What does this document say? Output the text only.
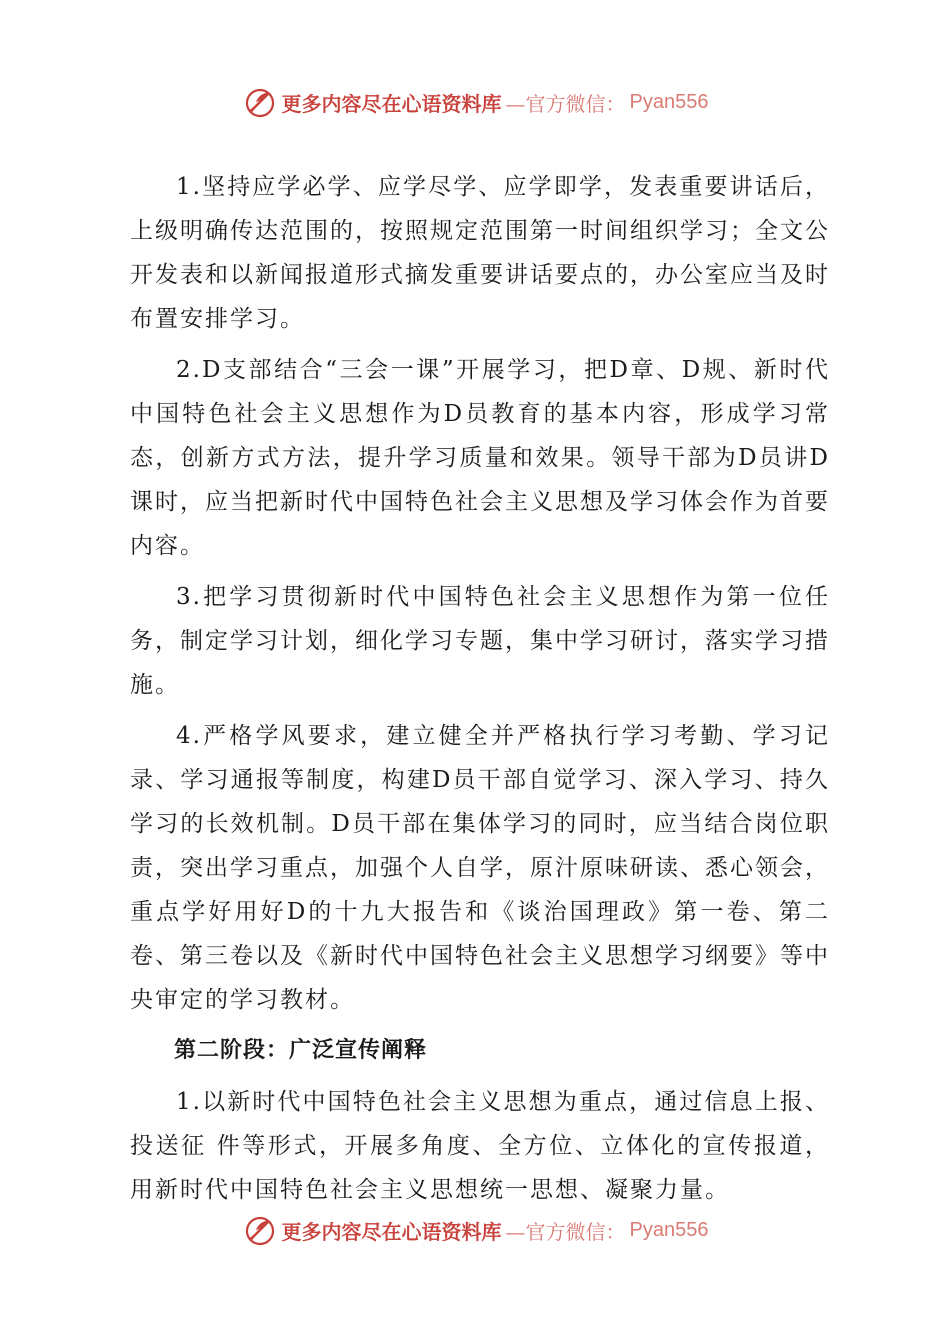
更多内容尽在心语资料库 —官方微信： Pyan556

1.坚持应学必学、应学尽学、应学即学，发表重要讲话后，上级明确传达范围的，按照规定范围第一时间组织学习；全文公开发表和以新闻报道形式摘发重要讲话要点的，办公室应当及时布置安排学习。

2.D支部结合“三会一课”开展学习，把D章、D规、新时代中国特色社会主义思想作为D员教育的基本内容，形成学习常态，创新方式方法，提升学习质量和效果。领导干部为D员讲D课时，应当把新时代中国特色社会主义思想及学习体会作为首要内容。

3.把学习贯彻新时代中国特色社会主义思想作为第一位任务，制定学习计划，细化学习专题，集中学习研讨，落实学习措施。

4.严格学风要求，建立健全并严格执行学习考勤、学习记录、学习通报等制度，构建D员干部自觉学习、深入学习、持久学习的长效机制。D员干部在集体学习的同时，应当结合岗位职责，突出学习重点，加强个人自学，原汁原味研读、悉心领会，重点学好用好D的十九大报告和《谈治国理政》第一卷、第二卷、第三卷以及《新时代中国特色社会主义思想学习纲要》等中央审定的学习教材。

第二阶段：广泛宣传阐释

1.以新时代中国特色社会主义思想为重点，通过信息上报、投送征 件等形式，开展多角度、全方位、立体化的宣传报道，用新时代中国特色社会主义思想统一思想、凝聚力量。

更多内容尽在心语资料库 —官方微信： Pyan556
